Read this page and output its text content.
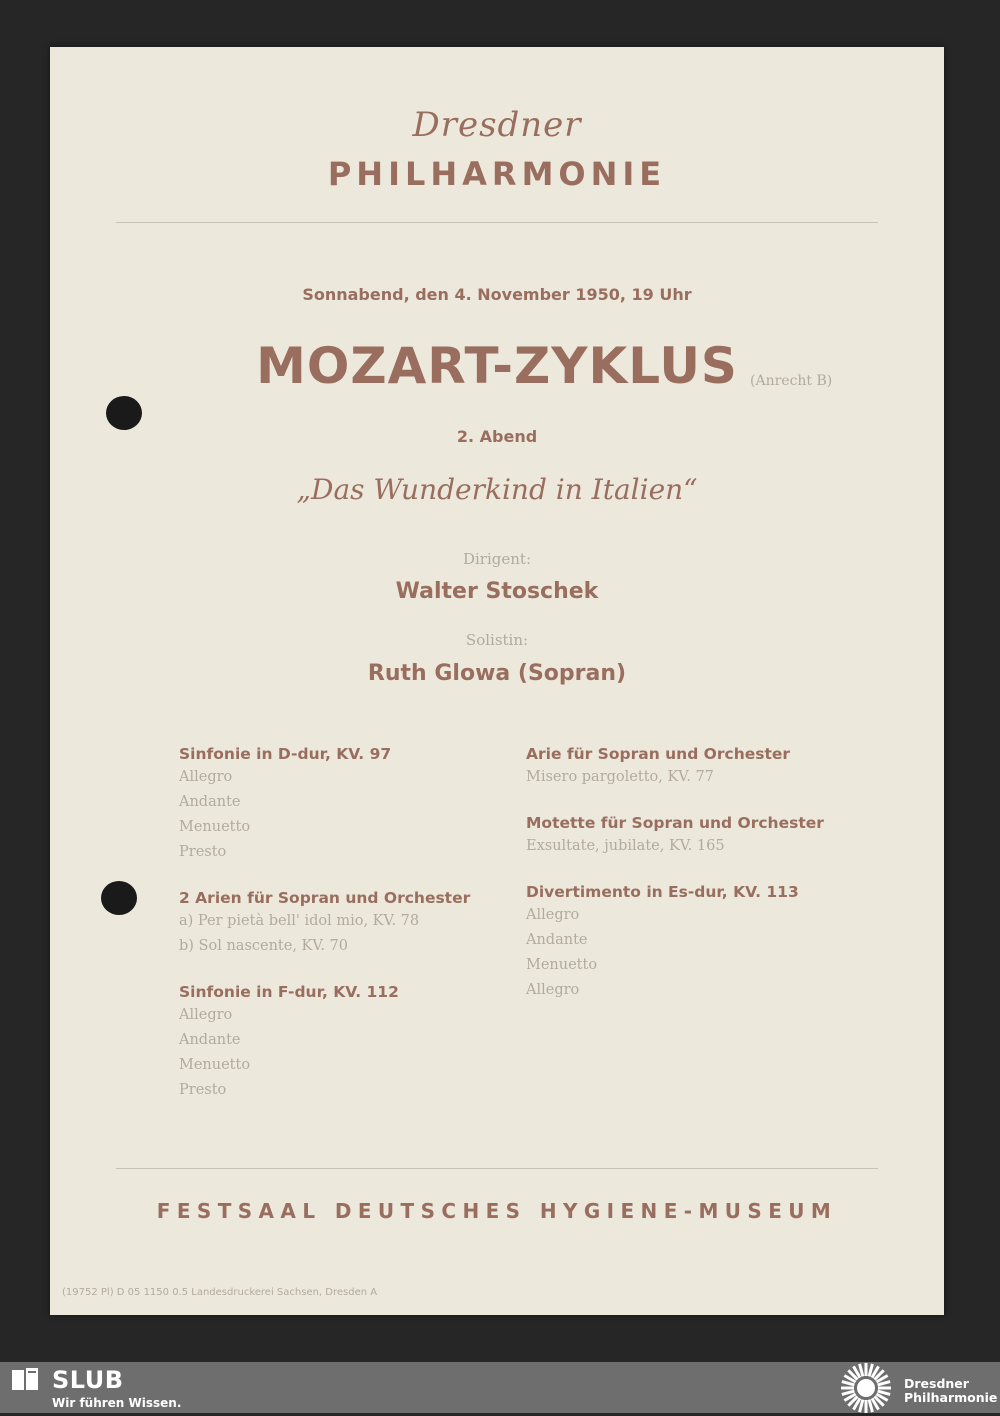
Dresdner
PHILHARMONIE
Sonnabend, den 4. November 1950, 19 Uhr
MOZART-ZYKLUS (Anrecht B)
2. Abend
„Das Wunderkind in Italien“
Dirigent:
Walter Stoschek
Solistin:
Ruth Glowa (Sopran)
Sinfonie in D-dur, KV. 97
Allegro
Andante
Menuetto
Presto
2 Arien für Sopran und Orchester
a) Per pietà bell' idol mio, KV. 78
b) Sol nascente, KV. 70
Sinfonie in F-dur, KV. 112
Allegro
Andante
Menuetto
Presto
Arie für Sopran und Orchester
Misero pargoletto, KV. 77
Motette für Sopran und Orchester
Exsultate, jubilate, KV. 165
Divertimento in Es-dur, KV. 113
Allegro
Andante
Menuetto
Allegro
FESTSAAL DEUTSCHES HYGIENE-MUSEUM
(19752 Pl) D 05 1150 0.5 Landesdruckerei Sachsen, Dresden A
SLUB
Wir führen Wissen.
Dresdner
Philharmonie
